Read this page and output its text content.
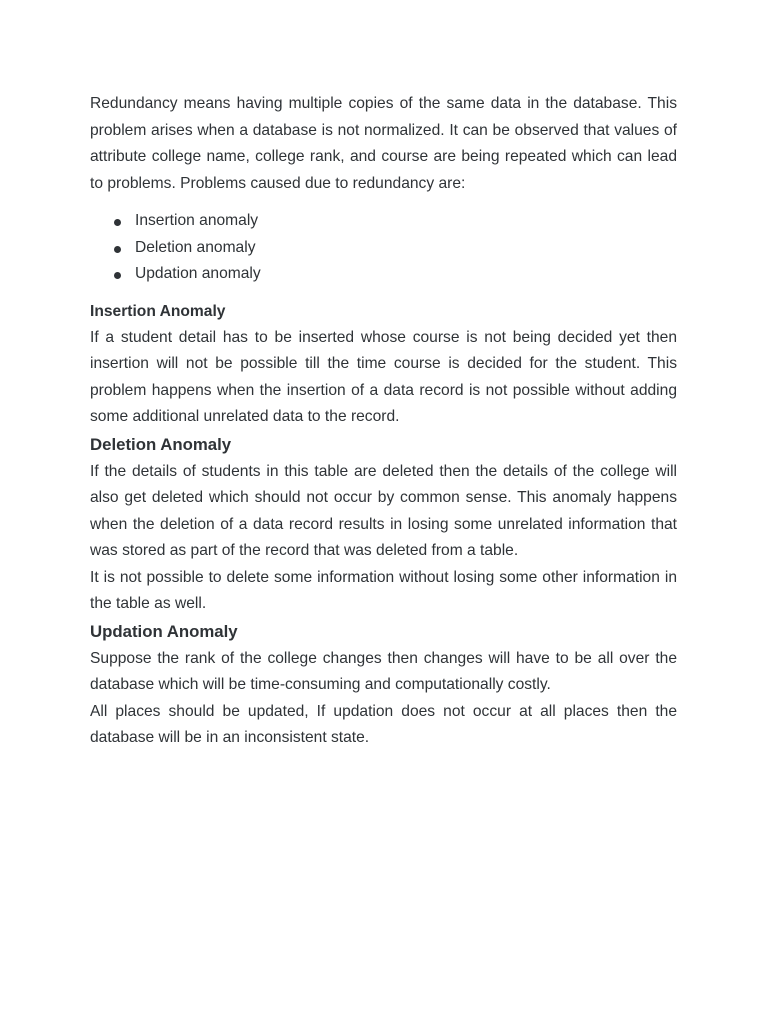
Redundancy means having multiple copies of the same data in the database. This problem arises when a database is not normalized. It can be observed that values of attribute college name, college rank, and course are being repeated which can lead to problems. Problems caused due to redundancy are:

Insertion anomaly
Deletion anomaly
Updation anomaly
Insertion Anomaly

If a student detail has to be inserted whose course is not being decided yet then insertion will not be possible till the time course is decided for the student. This problem happens when the insertion of a data record is not possible without adding some additional unrelated data to the record.

Deletion Anomaly

If the details of students in this table are deleted then the details of the college will also get deleted which should not occur by common sense. This anomaly happens when the deletion of a data record results in losing some unrelated information that was stored as part of the record that was deleted from a table.

It is not possible to delete some information without losing some other information in the table as well.

Updation Anomaly

Suppose the rank of the college changes then changes will have to be all over the database which will be time-consuming and computationally costly.

All places should be updated, If updation does not occur at all places then the database will be in an inconsistent state.
